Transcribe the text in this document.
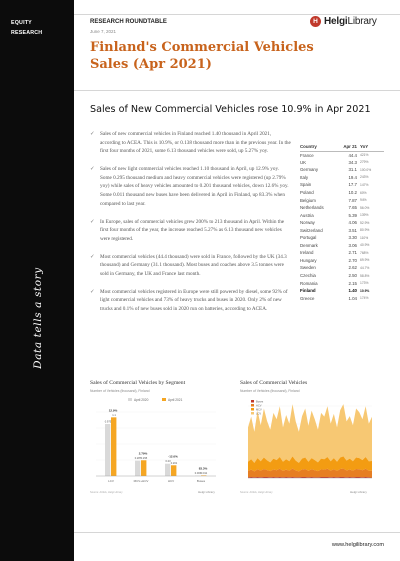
EQUITY
RESEARCH
Data tells a story
RESEARCH ROUNDTABLE
June 7, 2021
H HelgiLibrary
Finland's Commercial Vehicles Sales (Apr 2021)
Sales of New Commercial Vehicles rose 10.9% in Apr 2021
✓ Sales of new commercial vehicles in Finland reached 1.40 thousand in April 2021, according to ACEA. This is 10.9%, or 0.138 thousand more than in the previous year. In the first four months of 2021, some 6.13 thousand vehicles were sold, up 5.27% yoy.
✓ Sales of new light commercial vehicles reached 1.10 thousand in April, up 12.9% yoy. Some 0.295 thousand medium and heavy commercial vehicles were registered (up 2.79% yoy) while sales of heavy vehicles amounted to 0.201 thousand vehicles, down 12.6% yoy. Some 0.011 thousand new buses have been delivered in April in Finland, up 83.3% when compared to last year.
✓ In Europe, sales of commercial vehicles grew 200% to 213 thousand in April. Within the first four months of the year, the increase reached 5.27% as 6.13 thousand new vehicles were registered.
✓ Most commercial vehicles (44.4 thousand) were sold in France, followed by the UK (34.3 thousand) and Germany (31.1 thousand). Most buses and coaches above 3.5 tonnes were sold in Germany, the UK and France last month.
✓ Most commercial vehicles registered in Europe were still powered by diesel, some 92% of light commercial vehicles and 73% of heavy trucks and buses in 2020. Only 2% of new trucks and 0.1% of new buses sold in 2020 run on batteries, according to ACEA.
Country	Apr 21	YoY
France	44.4	421%
UK	34.3	279%
Germany	31.1	100.0%
Italy	19.4	243%
Spain	17.7	147%
Poland	10.2	60%
Belgium	7.87	94%
Netherlands	7.65	56.0%
Austria	5.39	139%
Norway	4.06	52.9%
Switzerland	3.51	80.9%
Portugal	3.30	110%
Denmark	3.06	40.9%
Ireland	2.71	768%
Hungary	2.70	69.9%
Sweden	2.62	44.7%
Czechia	2.50	58.8%
Romania	2.15	173%
Finland	1.40	10.9%
Greece	1.04	174%
Sales of Commercial Vehicles by Segment
Number of Vehicles (thousand), Finland
April 2020	April 2021
0.975
1.1
12.9%
LCV
0.287 0.295
2.79%
MCV+HCV
0.23
0.201
-12.6%
HCV
0.006 0.011
83.3%
Buses
Source: ACEA, Helgi Library	Helgi Library
Sales of Commercial Vehicles
Number of Vehicles (thousand), Finland
Buses
HCV
MCV
LCV
Source: ACEA, Helgi Library	Helgi Library
www.helgilibrary.com
